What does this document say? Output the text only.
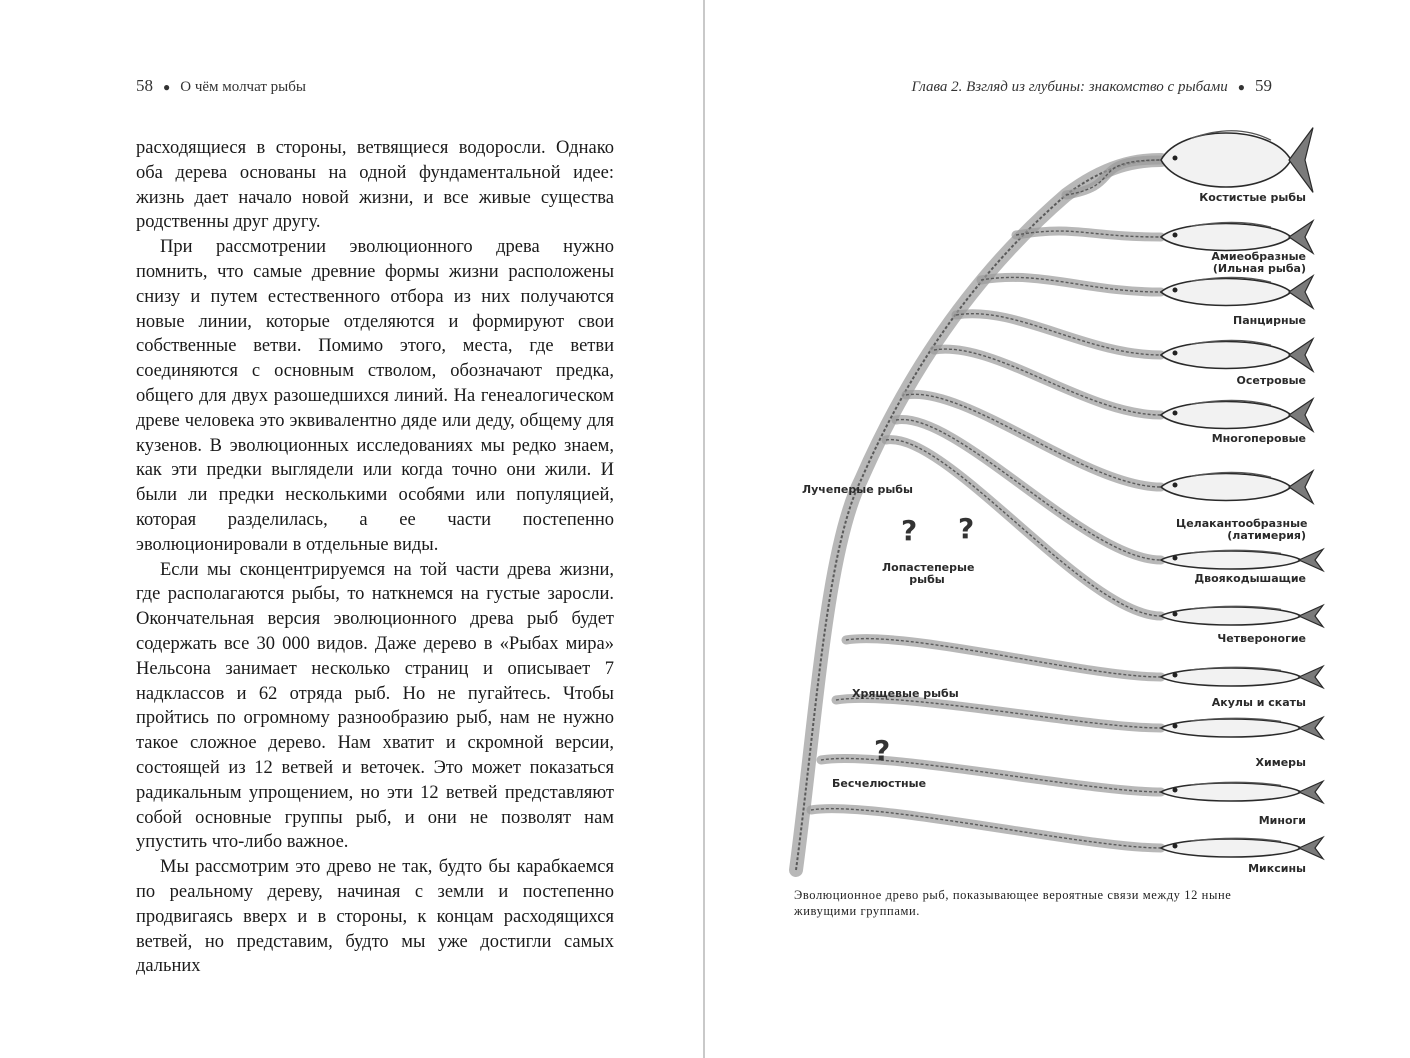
58 ● О чём молчат рыбы

расходящиеся в стороны, ветвящиеся водоросли. Однако оба дерева основаны на одной фундаментальной идее: жизнь дает начало новой жизни, и все живые существа родственны друг другу.

При рассмотрении эволюционного древа нужно помнить, что самые древние формы жизни расположены снизу и путем естественного отбора из них получаются новые линии, которые отделяются и формируют свои собственные ветви. Помимо этого, места, где ветви соединяются с основным стволом, обозначают предка, общего для двух разошедшихся линий. На генеалогическом древе человека это эквивалентно дяде или деду, общему для кузенов. В эволюционных исследованиях мы редко знаем, как эти предки выглядели или когда точно они жили. И были ли предки несколькими особями или популяцией, которая разделилась, а ее части постепенно эволюционировали в отдельные виды.

Если мы сконцентрируемся на той части древа жизни, где располагаются рыбы, то наткнемся на густые заросли. Окончательная версия эволюционного древа рыб будет содержать все 30 000 видов. Даже дерево в «Рыбах мира» Нельсона занимает несколько страниц и описывает 7 надклассов и 62 отряда рыб. Но не пугайтесь. Чтобы пройтись по огромному разнообразию рыб, нам не нужно такое сложное дерево. Нам хватит и скромной версии, состоящей из 12 ветвей и веточек. Это может показаться радикальным упрощением, но эти 12 ветвей представляют собой основные группы рыб, и они не позволят нам упустить что-либо важное.

Мы рассмотрим это древо не так, будто бы карабкаемся по реальному дереву, начиная с земли и постепенно продвигаясь вверх и в стороны, к концам расходящихся ветвей, но представим, будто мы уже достигли самых дальних

Глава 2. Взгляд из глубины: знакомство с рыбами ● 59
? ?
?
Костистые рыбы
Амиеобразные (Ильная рыба)
Панцирные
Осетровые
Многоперовые
Целакантообразные (латимерия)
Двоякодышащие
Четвероногие
Акулы и скаты
Химеры
Миноги
Миксины
Лучеперые рыбы
Лопастеперые рыбы
Хрящевые рыбы
Бесчелюстные
Эволюционное древо рыб, показывающее вероятные связи между 12 ныне живущими группами.
